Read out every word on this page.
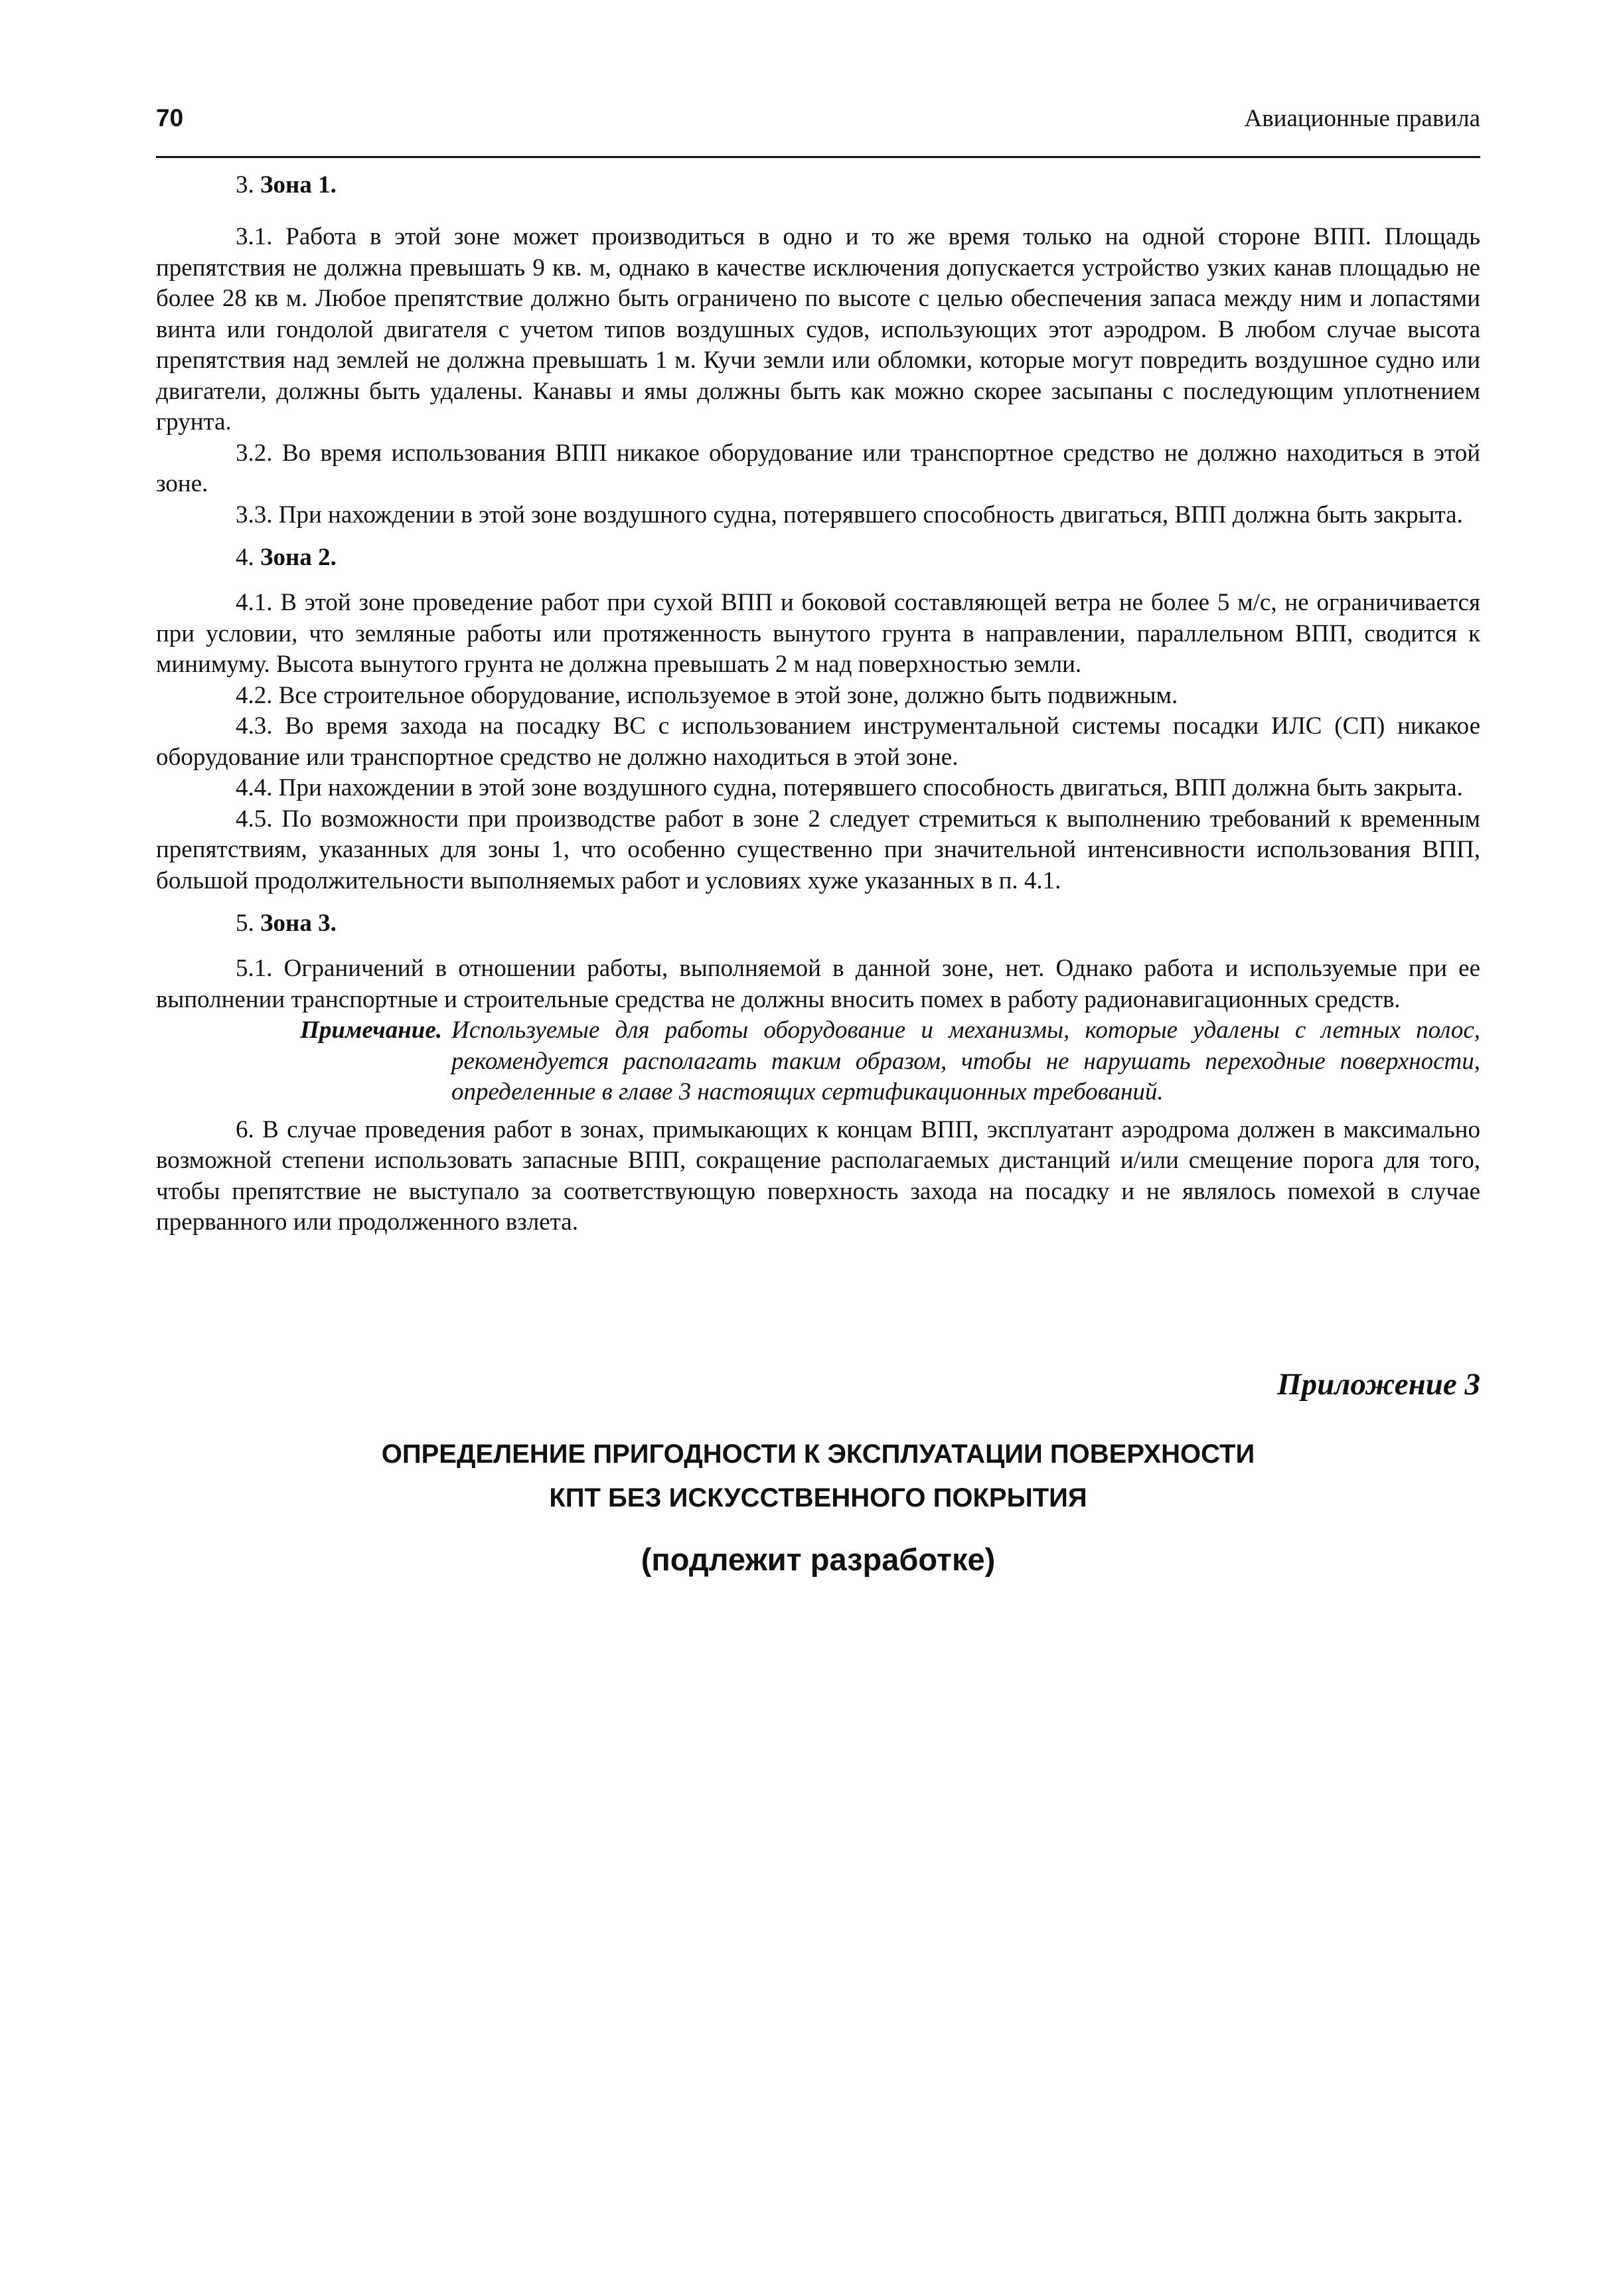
70	Авиационные правила

3. Зона 1.

3.1. Работа в этой зоне может производиться в одно и то же время только на одной стороне ВПП. Площадь препятствия не должна превышать 9 кв. м, однако в качестве исключения допускается устройство узких канав площадью не более 28 кв м. Любое препятствие должно быть ограничено по высоте с целью обеспечения запаса между ним и лопастями винта или гондолой двигателя с учетом типов воздушных судов, использующих этот аэродром. В любом случае высота препятствия над землей не должна превышать 1 м. Кучи земли или обломки, которые могут повредить воздушное судно или двигатели, должны быть удалены. Канавы и ямы должны быть как можно скорее засыпаны с последующим уплотнением грунта.

3.2. Во время использования ВПП никакое оборудование или транспортное средство не должно находиться в этой зоне.

3.3. При нахождении в этой зоне воздушного судна, потерявшего способность двигаться, ВПП должна быть закрыта.

4. Зона 2.

4.1. В этой зоне проведение работ при сухой ВПП и боковой составляющей ветра не более 5 м/с, не ограничивается при условии, что земляные работы или протяженность вынутого грунта в направлении, параллельном ВПП, сводится к минимуму. Высота вынутого грунта не должна превышать 2 м над поверхностью земли.

4.2. Все строительное оборудование, используемое в этой зоне, должно быть подвижным.

4.3. Во время захода на посадку ВС с использованием инструментальной системы посадки ИЛС (СП) никакое оборудование или транспортное средство не должно находиться в этой зоне.

4.4. При нахождении в этой зоне воздушного судна, потерявшего способность двигаться, ВПП должна быть закрыта.

4.5. По возможности при производстве работ в зоне 2 следует стремиться к выполнению требований к временным препятствиям, указанных для зоны 1, что особенно существенно при значительной интенсивности использования ВПП, большой продолжительности выполняемых работ и условиях хуже указанных в п. 4.1.

5. Зона 3.

5.1. Ограничений в отношении работы, выполняемой в данной зоне, нет. Однако работа и используемые при ее выполнении транспортные и строительные средства не должны вносить помех в работу радионавигационных средств.

Примечание. Используемые для работы оборудование и механизмы, которые удалены с летных полос, рекомендуется располагать таким образом, чтобы не нарушать переходные поверхности, определенные в главе 3 настоящих сертификационных требований.

6. В случае проведения работ в зонах, примыкающих к концам ВПП, эксплуатант аэродрома должен в максимально возможной степени использовать запасные ВПП, сокращение располагаемых дистанций и/или смещение порога для того, чтобы препятствие не выступало за соответствующую поверхность захода на посадку и не являлось помехой в случае прерванного или продолженного взлета.

Приложение 3

ОПРЕДЕЛЕНИЕ ПРИГОДНОСТИ К ЭКСПЛУАТАЦИИ ПОВЕРХНОСТИ

КПТ БЕЗ ИСКУССТВЕННОГО ПОКРЫТИЯ

(подлежит разработке)
